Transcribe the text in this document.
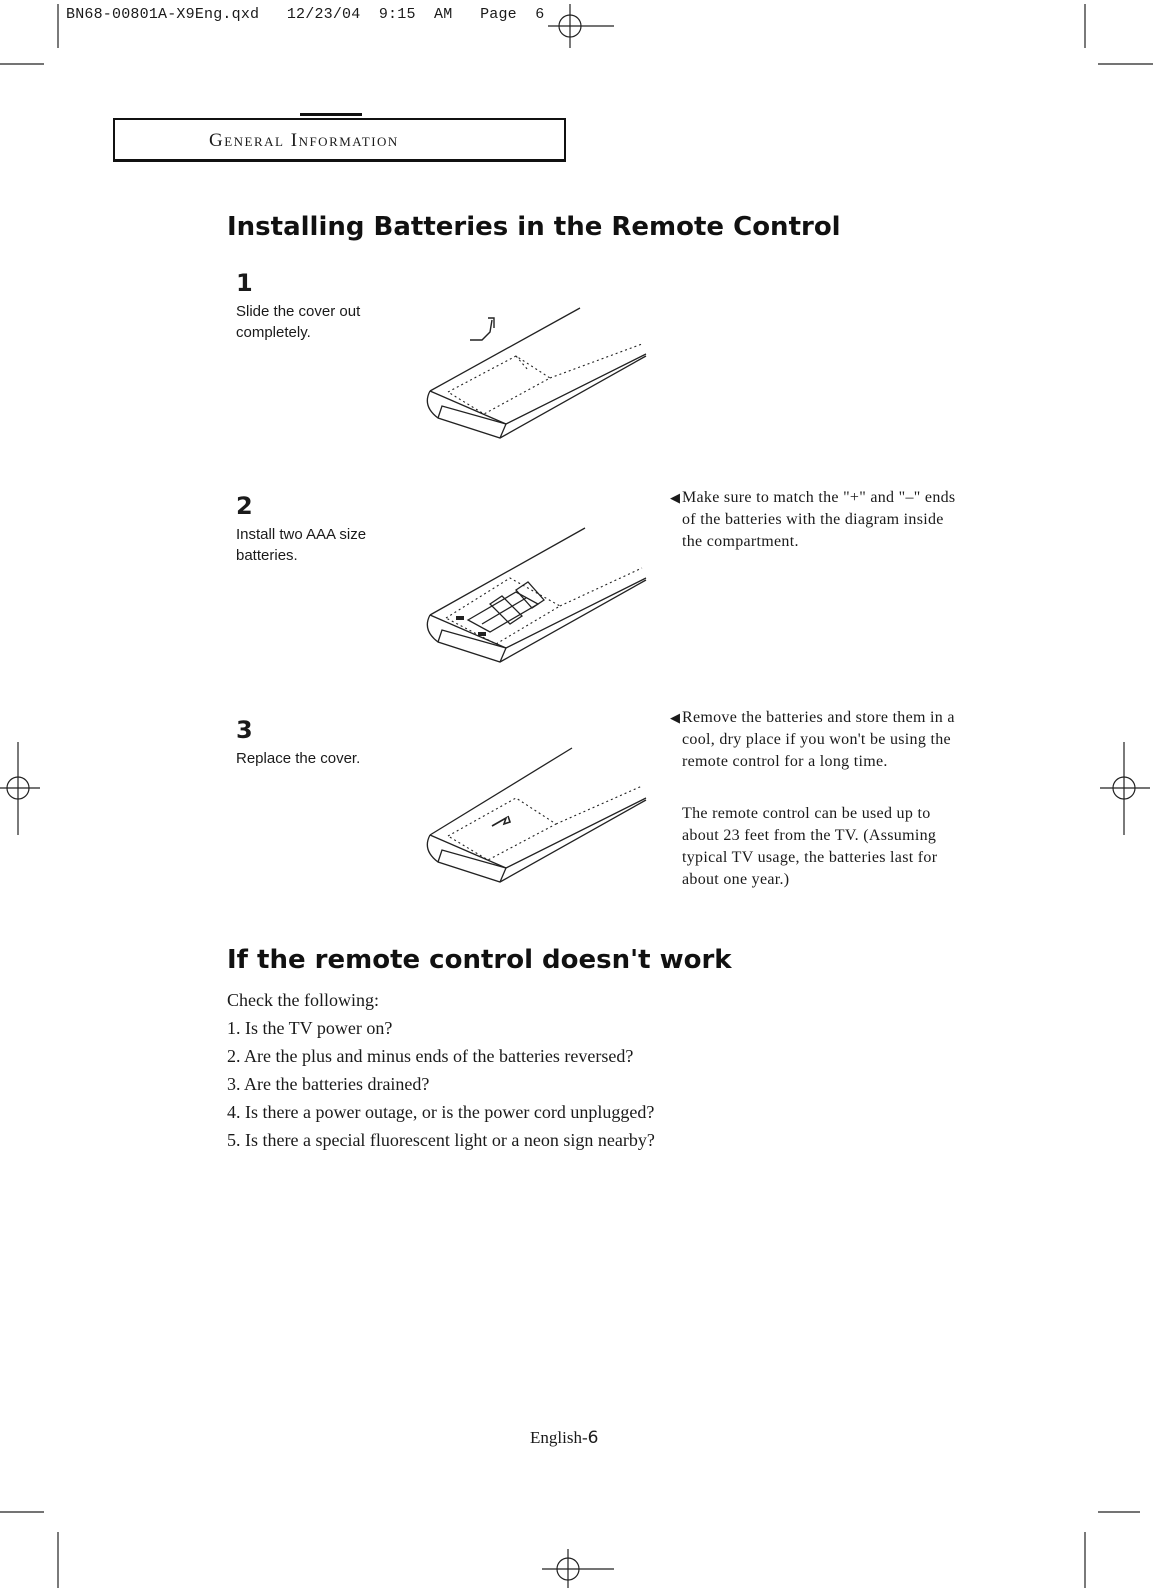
BN68-00801A-X9Eng.qxd   12/23/04  9:15  AM   Page  6
General Information
Installing Batteries in the Remote Control
1
Slide the cover out completely.
2
Install two AAA size batteries.
◀ Make sure to match the "+" and "–" ends of the batteries with the diagram inside the compartment.
3
Replace the cover.
◀ Remove the batteries and store them in a cool, dry place if you won't be using the remote control for a long time.
The remote control can be used up to about 23 feet from the TV. (Assuming typical TV usage, the batteries last for about one year.)
If the remote control doesn't work
Check the following:
1. Is the TV power on?
2. Are the plus and minus ends of the batteries reversed?
3. Are the batteries drained?
4. Is there a power outage, or is the power cord unplugged?
5. Is there a special fluorescent light or a neon sign nearby?
English-6
